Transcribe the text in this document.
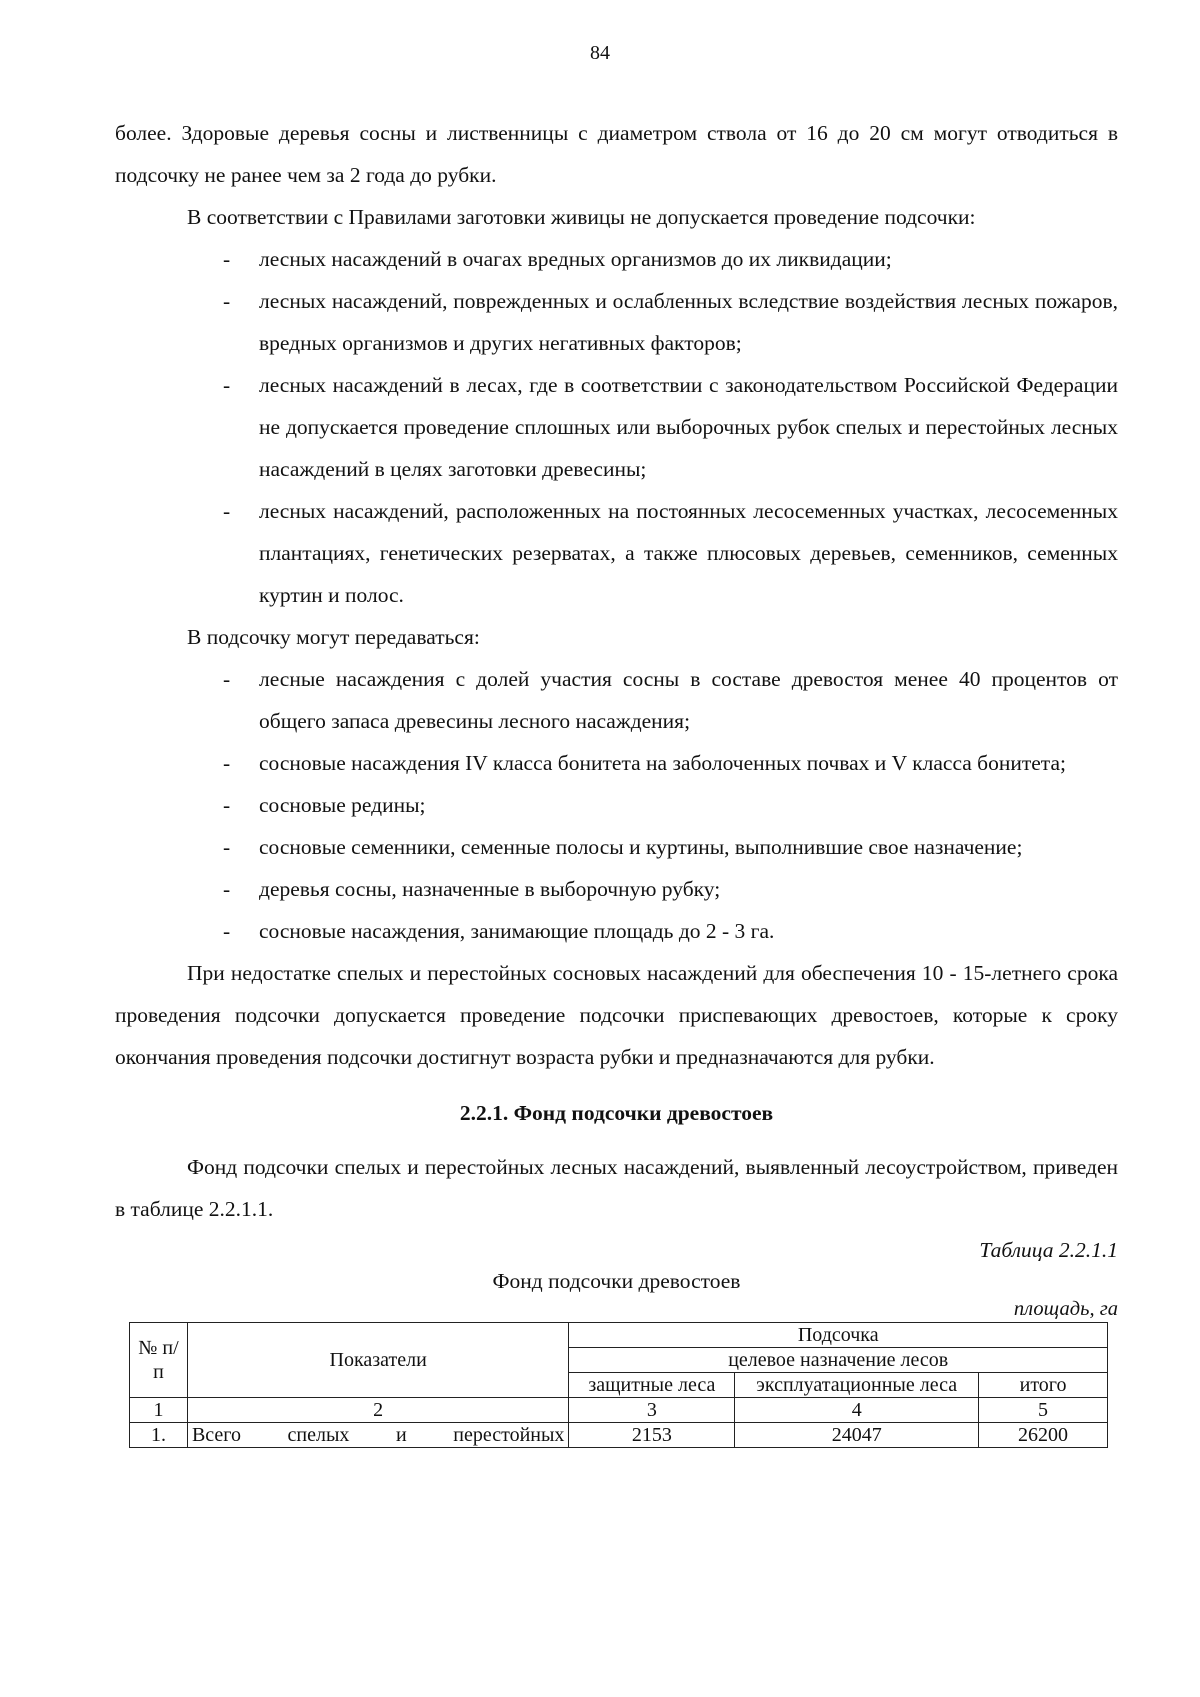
84

более. Здоровые деревья сосны и лиственницы с диаметром ствола от 16 до 20 см могут отводиться в подсочку не ранее чем за 2 года до рубки.

В соответствии с Правилами заготовки живицы не допускается проведение подсочки:

- лесных насаждений в очагах вредных организмов до их ликвидации;
- лесных насаждений, поврежденных и ослабленных вследствие воздействия лесных пожаров, вредных организмов и других негативных факторов;
- лесных насаждений в лесах, где в соответствии с законодательством Российской Федерации не допускается проведение сплошных или выборочных рубок спелых и перестойных лесных насаждений в целях заготовки древесины;
- лесных насаждений, расположенных на постоянных лесосеменных участках, лесосеменных плантациях, генетических резерватах, а также плюсовых деревьев, семенников, семенных куртин и полос.

В подсочку могут передаваться:

- лесные насаждения с долей участия сосны в составе древостоя менее 40 процентов от общего запаса древесины лесного насаждения;
- сосновые насаждения IV класса бонитета на заболоченных почвах и V класса бонитета;
- сосновые редины;
- сосновые семенники, семенные полосы и куртины, выполнившие свое назначение;
- деревья сосны, назначенные в выборочную рубку;
- сосновые насаждения, занимающие площадь до 2 - 3 га.

При недостатке спелых и перестойных сосновых насаждений для обеспечения 10 - 15-летнего срока проведения подсочки допускается проведение подсочки приспевающих древостоев, которые к сроку окончания проведения подсочки достигнут возраста рубки и предназначаются для рубки.

2.2.1. Фонд подсочки древостоев

Фонд подсочки спелых и перестойных лесных насаждений, выявленный лесоустройством, приведен в таблице 2.2.1.1.

Таблица 2.2.1.1
Фонд подсочки древостоев
площадь, га
№ п/п	Показатели	Подсочка		
		целевое назначение лесов		
		защитные леса	эксплуатационные леса	итого
1	2	3	4	5
1.	Всего спелых и перестойных	2153	24047	26200
